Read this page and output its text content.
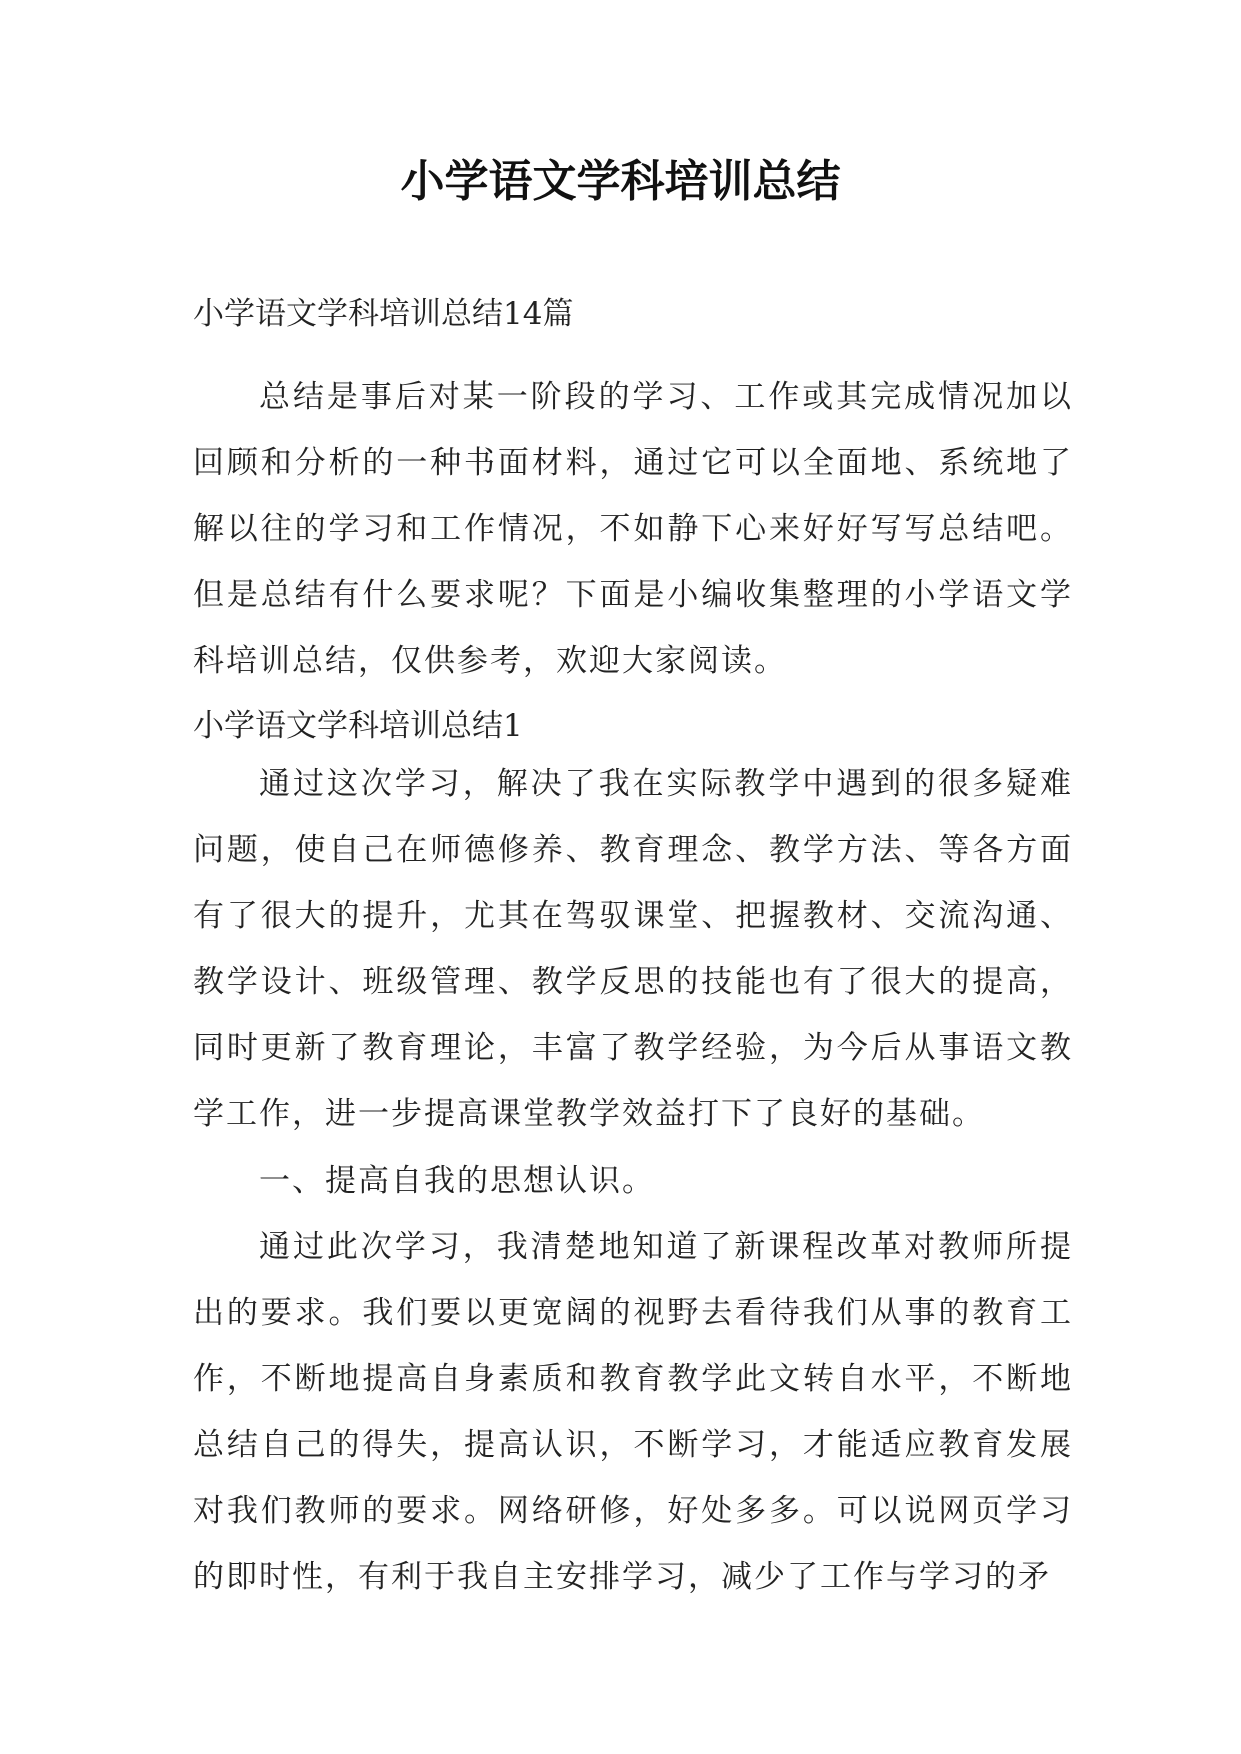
小学语文学科培训总结

小学语文学科培训总结14篇

总结是事后对某一阶段的学习、工作或其完成情况加以回顾和分析的一种书面材料，通过它可以全面地、系统地了解以往的学习和工作情况，不如静下心来好好写写总结吧。但是总结有什么要求呢？下面是小编收集整理的小学语文学科培训总结，仅供参考，欢迎大家阅读。

小学语文学科培训总结1

通过这次学习，解决了我在实际教学中遇到的很多疑难问题，使自己在师德修养、教育理念、教学方法、等各方面有了很大的提升，尤其在驾驭课堂、把握教材、交流沟通、教学设计、班级管理、教学反思的技能也有了很大的提高，同时更新了教育理论，丰富了教学经验，为今后从事语文教学工作，进一步提高课堂教学效益打下了良好的基础。

一、提高自我的思想认识。

通过此次学习，我清楚地知道了新课程改革对教师所提出的要求。我们要以更宽阔的视野去看待我们从事的教育工作，不断地提高自身素质和教育教学此文转自水平，不断地总结自己的得失，提高认识，不断学习，才能适应教育发展对我们教师的要求。网络研修，好处多多。可以说网页学习的即时性，有利于我自主安排学习，减少了工作与学习的矛
